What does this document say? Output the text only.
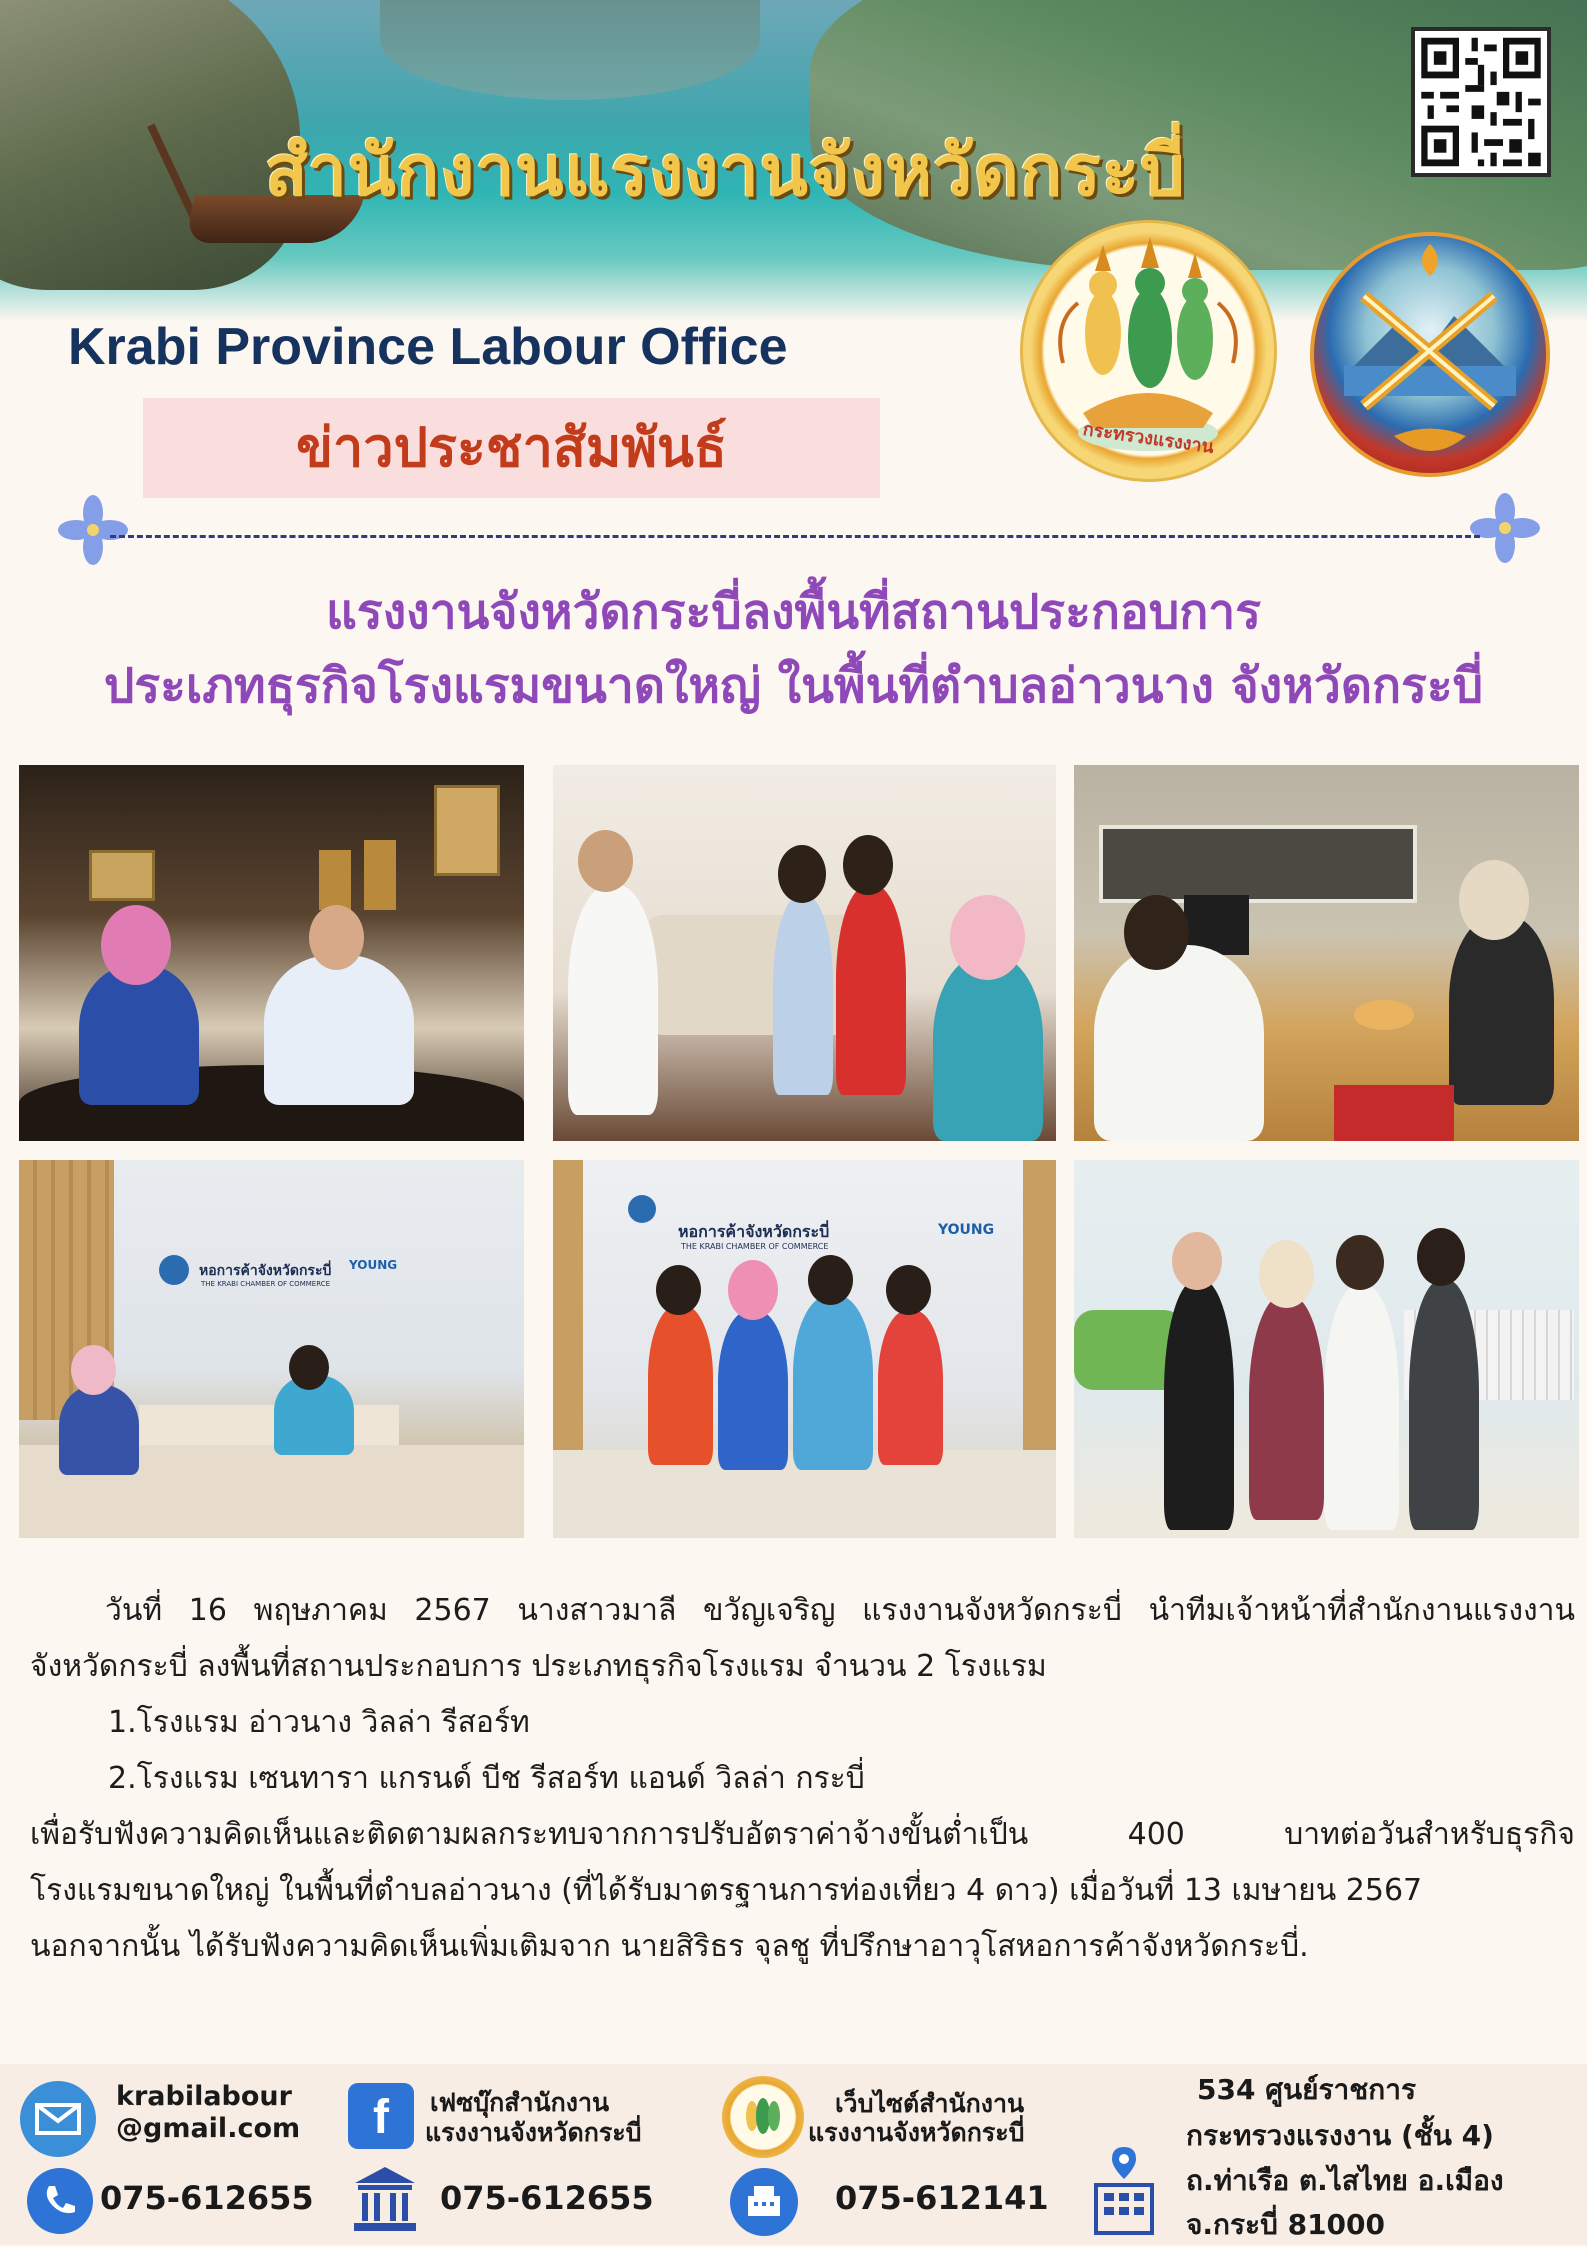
สำนักงานแรงงานจังหวัดกระบี่
Krabi Province Labour Office
ข่าวประชาสัมพันธ์	กระทรวงแรงงาน
แรงงานจังหวัดกระบี่ลงพื้นที่สถานประกอบการ
ประเภทธุรกิจโรงแรมขนาดใหญ่ ในพื้นที่ตำบลอ่าวนาง จังหวัดกระบี่
หอการค้าจังหวัดกระบี่
THE KRABI CHAMBER OF COMMERCE
YOUNG
หอการค้าจังหวัดกระบี่
THE KRABI CHAMBER OF COMMERCE
YOUNG

วันที่ 16 พฤษภาคม 2567 นางสาวมาลี ขวัญเจริญ แรงงานจังหวัดกระบี่ นำทีมเจ้าหน้าที่สำนักงานแรงงาน

จังหวัดกระบี่ ลงพื้นที่สถานประกอบการ ประเภทธุรกิจโรงแรม จำนวน 2 โรงแรม

1.โรงแรม อ่าวนาง วิลล่า รีสอร์ท

2.โรงแรม เซนทารา แกรนด์ บีช รีสอร์ท แอนด์ วิลล่า กระบี่

เพื่อรับฟังความคิดเห็นและติดตามผลกระทบจากการปรับอัตราค่าจ้างขั้นต่ำเป็น 400 บาทต่อวันสำหรับธุรกิจ

โรงแรมขนาดใหญ่ ในพื้นที่ตำบลอ่าวนาง (ที่ได้รับมาตรฐานการท่องเที่ยว 4 ดาว) เมื่อวันที่ 13 เมษายน 2567

นอกจากนั้น ได้รับฟังความคิดเห็นเพิ่มเติมจาก นายสิริธร จุลชู ที่ปรึกษาอาวุโสหอการค้าจังหวัดกระบี่.

krabilabour
@gmail.com	f	เฟซบุ๊กสำนักงาน
แรงงานจังหวัดกระบี่
เว็บไซต์สำนักงาน
แรงงานจังหวัดกระบี่
534 ศูนย์ราชการ
กระทรวงแรงงาน (ชั้น 4)
ถ.ท่าเรือ ต.ไสไทย อ.เมือง
จ.กระบี่ 81000
075-612655	075-612655	075-612141
